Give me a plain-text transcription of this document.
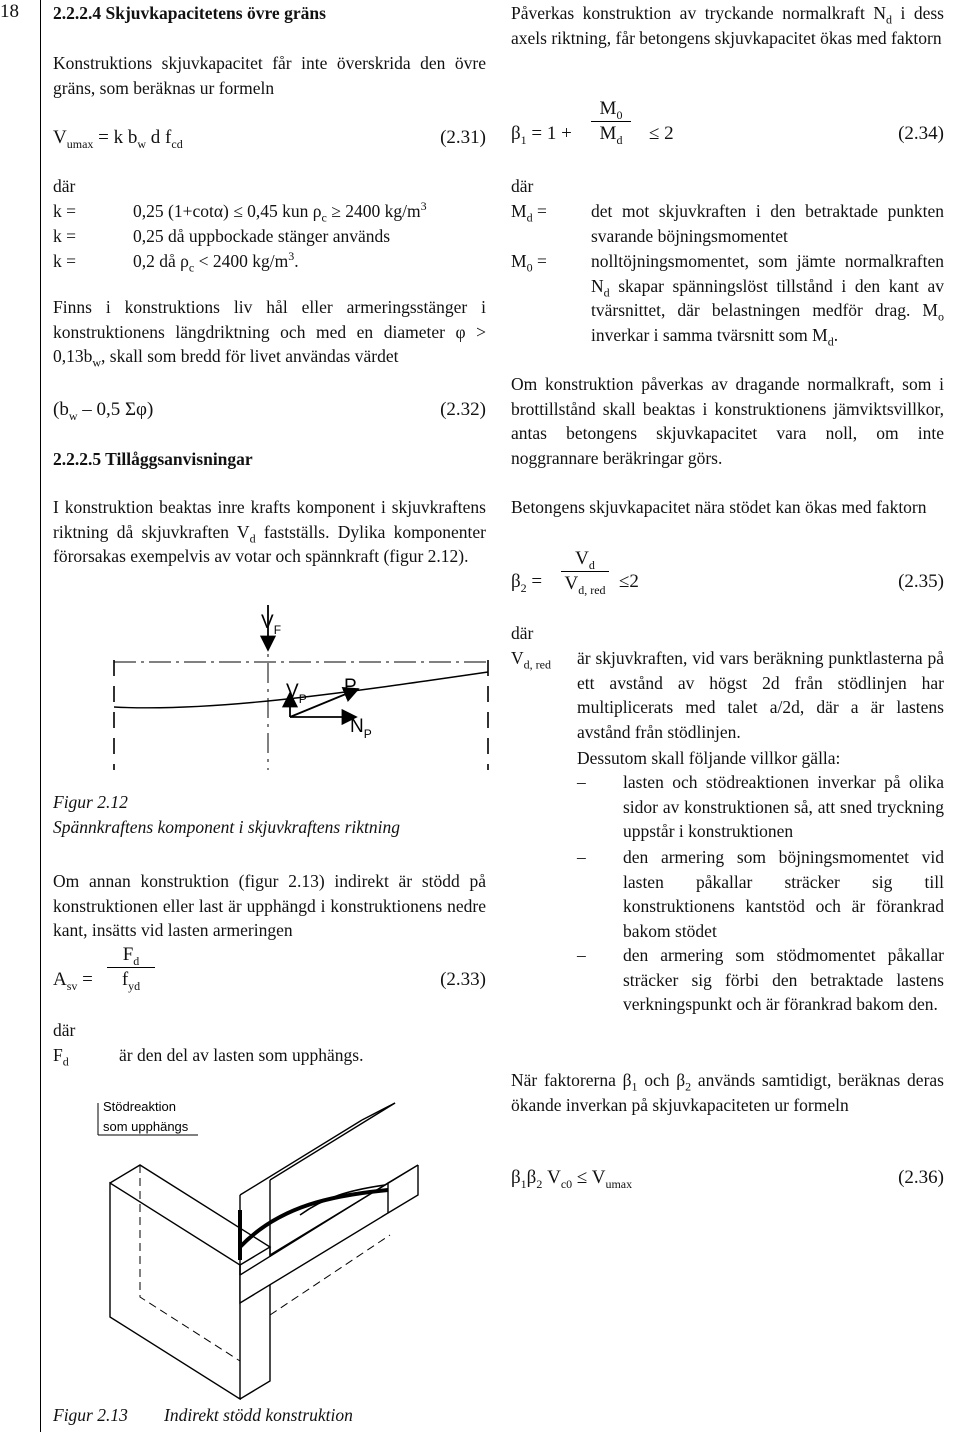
18	2.2.2.4 Skjuvkapacitetens övre gräns
Konstruktions skjuvkapacitet får inte överskrida den övre gräns, som beräknas ur formeln
$V_{umax} = k$ $b_w$ d $f_{cd}$	(2.31)
där
k =	0,25 (1+cotα) ≤ 0,45 kun $\rho_c \ge 2400$ $kg/m^3$
k =	0,25 då uppbockade stänger används
k =	0,2 då $\rho_c < 2400$ $kg/m^3$.
Finns i konstruktions liv hål eller armeringsstänger i konstruktionens längdriktning och med en diameter $\varphi > 0,13b_w$, skall som bredd för livet användas värdet
($b_w - 0,5$ Σφ)	(2.32)
2.2.2.5 Tillåggsanvisningar
I konstruktion beaktas inre krafts komponent i skjuvkraftens riktning då skjuvkraften $V_d$ fastställs. Dylika komponenter förorsakas exempelvis av votar och spännkraft (figur 2.12).
$V_F$
$V_P$
P
$N_P$
Figur 2.12
Spännkraftens komponent i skjuvkraftens riktning
Om annan konstruktion (figur 2.13) indirekt är stödd på konstruktionen eller last är upphängd i konstruktionens nedre kant, insätts vid lasten armeringen
$A_{sv}$ =
$F_d$
$f_{yd}$	(2.33)
där
$F_d$	är den del av lasten som upphängs.
Stödreaktion
som upphängs
Figur 2.13 Indirekt stödd konstruktion
Påverkas konstruktion av tryckande normalkraft $N_d$ i dess axels riktning, får betongens skjuvkapacitet ökas med faktorn
$\beta_1 = 1$ +
$M_0$
$M_d$	≤ 2	(2.34)
där
$M_d$ =	det mot skjuvkraften i den betraktade punkten svarande böjningsmomentet
$M_0$ =	nolltöjningsmomentet, som jämte normalkraften $N_d$ skapar spänningslöst tillstånd i den kant av tvärsnittet, där belastningen medför drag. $M_o$ inverkar i samma tvärsnitt som $M_d$.
Om konstruktion påverkas av dragande normalkraft, som i brottillstånd skall beaktas i konstruktionens jämviktsvillkor, antas betongens skjuvkapacitet vara noll, om inte noggrannare beräkringar görs.
Betongens skjuvkapacitet nära stödet kan ökas med faktorn
$\beta_2$ =
$V_d$
$V_{d, red} \le 2$	(2.35)
där
$V_{d, red}$ är skjuvkraften, vid vars beräkning punktlasterna på ett avstånd av högst 2d från stödlinjen har multiplicerats med talet a/2d, där a är lastens avstånd från stödlinjen.
Dessutom skall följande villkor gälla:
– lasten och stödreaktionen inverkar på olika sidor av konstruktionen så, att sned tryckning uppstår i konstruktionen
– den armering som böjningsmomentet vid lasten påkallar sträcker sig till konstruktionens kantstöd och är förankrad bakom stödet
– den armering som stödmomentet påkallar sträcker sig förbi den betraktade lastens verkningspunkt och är förankrad bakom den.
När faktorerna $\beta_1$ och $\beta_2$ används samtidigt, beräknas deras ökande inverkan på skjuvkapaciteten ur formeln
$\beta_1\beta_2$ $V_{c0} \le V_{umax}$	(2.36)
